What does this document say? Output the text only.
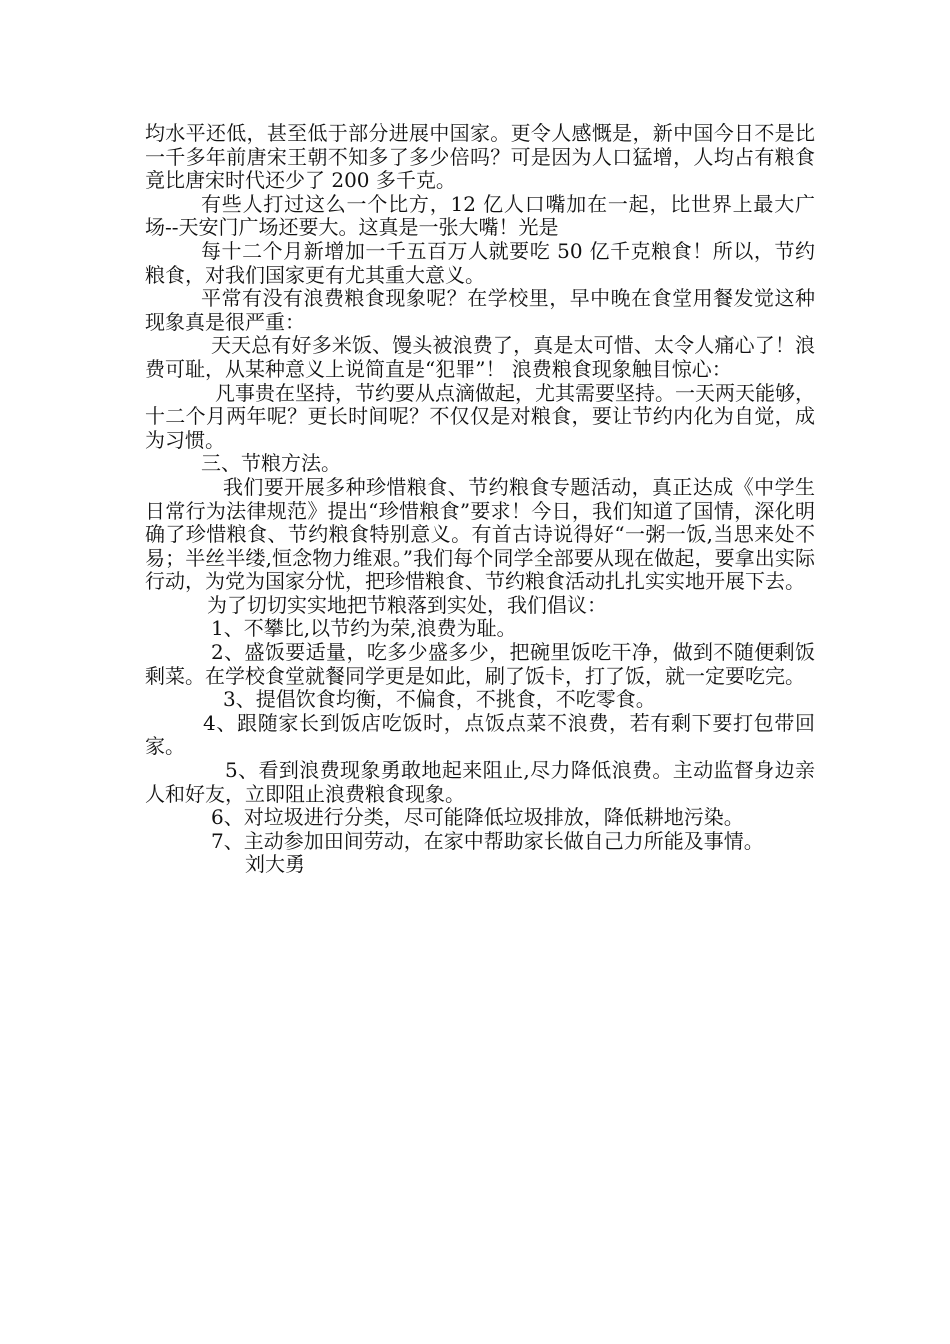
均水平还低，甚至低于部分进展中国家。更令人感慨是，新中国今日不是比一千多年前唐宋王朝不知多了多少倍吗？可是因为人口猛增，人均占有粮食竟比唐宋时代还少了 200 多千克。

有些人打过这么一个比方，12 亿人口嘴加在一起，比世界上最大广场--天安门广场还要大。这真是一张大嘴！光是

每十二个月新增加一千五百万人就要吃 50 亿千克粮食！所以，节约粮食，对我们国家更有尤其重大意义。

平常有没有浪费粮食现象呢？在学校里，早中晚在食堂用餐发觉这种现象真是很严重：

天天总有好多米饭、馒头被浪费了，真是太可惜、太令人痛心了！浪费可耻，从某种意义上说简直是“犯罪”！ 浪费粮食现象触目惊心：

凡事贵在坚持，节约要从点滴做起，尤其需要坚持。一天两天能够，十二个月两年呢？更长时间呢？不仅仅是对粮食，要让节约内化为自觉，成为习惯。

三、节粮方法。

我们要开展多种珍惜粮食、节约粮食专题活动，真正达成《中学生日常行为法律规范》提出“珍惜粮食”要求！今日，我们知道了国情，深化明确了珍惜粮食、节约粮食特别意义。有首古诗说得好“一粥一饭,当思来处不易；半丝半缕,恒念物力维艰。”我们每个同学全部要从现在做起，要拿出实际行动，为党为国家分忧，把珍惜粮食、节约粮食活动扎扎实实地开展下去。

为了切切实实地把节粮落到实处，我们倡议：

1、不攀比,以节约为荣,浪费为耻。

2、盛饭要适量，吃多少盛多少，把碗里饭吃干净，做到不随便剩饭剩菜。在学校食堂就餐同学更是如此，刷了饭卡，打了饭，就一定要吃完。

3、提倡饮食均衡，不偏食，不挑食，不吃零食。

4、跟随家长到饭店吃饭时，点饭点菜不浪费，若有剩下要打包带回家。

5、看到浪费现象勇敢地起来阻止,尽力降低浪费。主动监督身边亲人和好友，立即阻止浪费粮食现象。

6、对垃圾进行分类，尽可能降低垃圾排放，降低耕地污染。

7、主动参加田间劳动，在家中帮助家长做自己力所能及事情。

刘大勇
